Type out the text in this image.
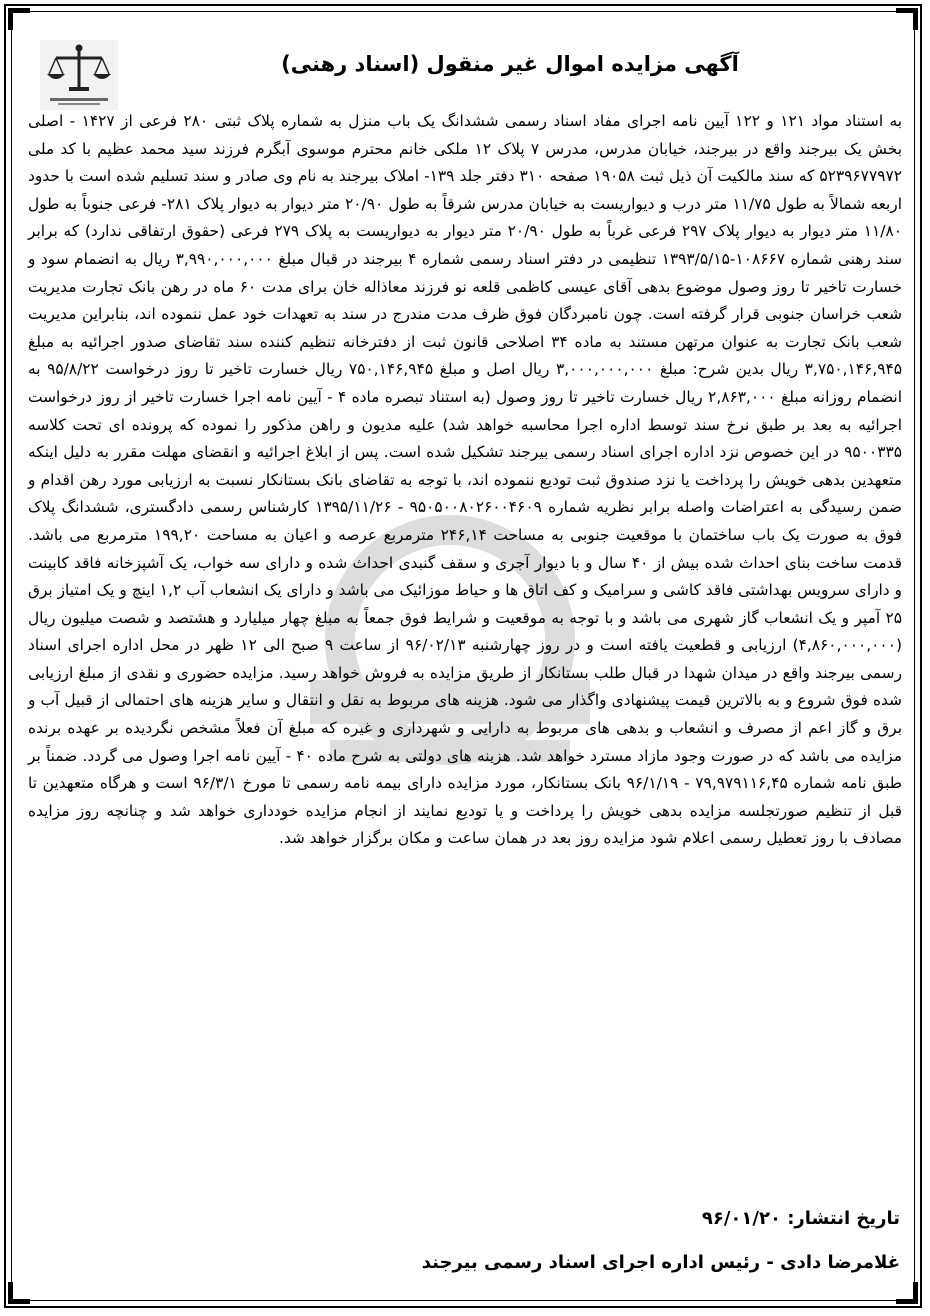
آگهی مزایده اموال غیر منقول (اسناد رهنی)
به استناد مواد ۱۲۱ و ۱۲۲ آیین نامه اجرای مفاد اسناد رسمی ششدانگ یک باب منزل به شماره پلاک ثبتی ۲۸۰ فرعی از ۱۴۲۷ - اصلی بخش یک بیرجند واقع در بیرجند، خیابان مدرس، مدرس ۷ پلاک ۱۲ ملکی خانم محترم موسوی آبگرم فرزند سید محمد عظیم با کد ملی ۵۲۳۹۶۷۷۹۷۲ که سند مالکیت آن ذیل ثبت ۱۹۰۵۸ صفحه ۳۱۰ دفتر جلد ۱۳۹- املاک بیرجند به نام وی صادر و سند تسلیم شده است با حدود اربعه شمالاً به طول ۱۱/۷۵ متر درب و دیواریست به خیابان مدرس شرقاً به طول ۲۰/۹۰ متر دیوار به دیوار پلاک ۲۸۱- فرعی جنوباً به طول ۱۱/۸۰ متر دیوار به دیوار پلاک ۲۹۷ فرعی غرباً به طول ۲۰/۹۰ متر دیوار به دیواریست به پلاک ۲۷۹ فرعی (حقوق ارتفاقی ندارد) که برابر سند رهنی شماره ۱۰۸۶۶۷-۱۳۹۳/۵/۱۵ تنظیمی در دفتر اسناد رسمی شماره ۴ بیرجند در قبال مبلغ ۳,۹۹۰,۰۰۰,۰۰۰ ریال به انضمام سود و خسارت تاخیر تا روز وصول موضوع بدهی آقای عیسی کاظمی قلعه نو فرزند معاذاله خان برای مدت ۶۰ ماه در رهن بانک تجارت مدیریت شعب خراسان جنوبی قرار گرفته است. چون نامبردگان فوق ظرف مدت مندرج در سند به تعهدات خود عمل ننموده اند، بنابراین مدیریت شعب بانک تجارت به عنوان مرتهن مستند به ماده ۳۴ اصلاحی قانون ثبت از دفترخانه تنظیم کننده سند تقاضای صدور اجرائیه به مبلغ ۳,۷۵۰,۱۴۶,۹۴۵ ریال بدین شرح: مبلغ ۳,۰۰۰,۰۰۰,۰۰۰ ریال اصل و مبلغ ۷۵۰,۱۴۶,۹۴۵ ریال خسارت تاخیر تا روز درخواست ۹۵/۸/۲۲ به انضمام روزانه مبلغ ۲,۸۶۳,۰۰۰ ریال خسارت تاخیر تا روز وصول (به استناد تبصره ماده ۴ - آیین نامه اجرا خسارت تاخیر از روز درخواست اجرائیه به بعد بر طبق نرخ سند توسط اداره اجرا محاسبه خواهد شد) علیه مدیون و راهن مذکور را نموده که پرونده ای تحت کلاسه ۹۵۰۰۳۳۵ در این خصوص نزد اداره اجرای اسناد رسمی بیرجند تشکیل شده است. پس از ابلاغ اجرائیه و انقضای مهلت مقرر به دلیل اینکه متعهدین بدهی خویش را پرداخت یا نزد صندوق ثبت تودیع ننموده اند، با توجه به تقاضای بانک بستانکار نسبت به ارزیابی مورد رهن اقدام و ضمن رسیدگی به اعتراضات واصله برابر نظریه شماره ۹۵۰۵۰۰۸۰۲۶۰۰۴۶۰۹ - ۱۳۹۵/۱۱/۲۶ کارشناس رسمی دادگستری، ششدانگ پلاک فوق به صورت یک باب ساختمان با موقعیت جنوبی به مساحت ۲۴۶,۱۴ مترمربع عرصه و اعیان به مساحت ۱۹۹,۲۰ مترمربع می باشد. قدمت ساخت بنای احداث شده بیش از ۴۰ سال و با دیوار آجری و سقف گنبدی احداث شده و دارای سه خواب، یک آشپزخانه فاقد کابینت و دارای سرویس بهداشتی فاقد کاشی و سرامیک و کف اتاق ها و حیاط موزائیک می باشد و دارای یک انشعاب آب ۱,۲ اینچ و یک امتیاز برق ۲۵ آمپر و یک انشعاب گاز شهری می باشد و با توجه به موقعیت و شرایط فوق جمعاً به مبلغ چهار میلیارد و هشتصد و شصت میلیون ریال (۴,۸۶۰,۰۰۰,۰۰۰) ارزیابی و قطعیت یافته است و در روز چهارشنبه ۹۶/۰۲/۱۳ از ساعت ۹ صبح الی ۱۲ ظهر در محل اداره اجرای اسناد رسمی بیرجند واقع در میدان شهدا در قبال طلب بستانکار از طریق مزایده به فروش خواهد رسید. مزایده حضوری و نقدی از مبلغ ارزیابی شده فوق شروع و به بالاترین قیمت پیشنهادی واگذار می شود. هزینه های مربوط به نقل و انتقال و سایر هزینه های احتمالی از قبیل آب و برق و گاز اعم از مصرف و انشعاب و بدهی های مربوط به دارایی و شهرداری و غیره که مبلغ آن فعلاً مشخص نگردیده بر عهده برنده مزایده می باشد که در صورت وجود مازاد مسترد خواهد شد. هزینه های دولتی به شرح ماده ۴۰ - آیین نامه اجرا وصول می گردد. ضمناً بر طبق نامه شماره ۷۹,۹۷۹۱۱۶,۴۵ - ۹۶/۱/۱۹ بانک بستانکار، مورد مزایده دارای بیمه نامه رسمی تا مورخ ۹۶/۳/۱ است و هرگاه متعهدین تا قبل از تنظیم صورتجلسه مزایده بدهی خویش را پرداخت و یا تودیع نمایند از انجام مزایده خودداری خواهد شد و چنانچه روز مزایده مصادف با روز تعطیل رسمی اعلام شود مزایده روز بعد در همان ساعت و مکان برگزار خواهد شد.
تاریخ انتشار: ۹۶/۰۱/۲۰
غلامرضا دادی - رئیس اداره اجرای اسناد رسمی بیرجند
